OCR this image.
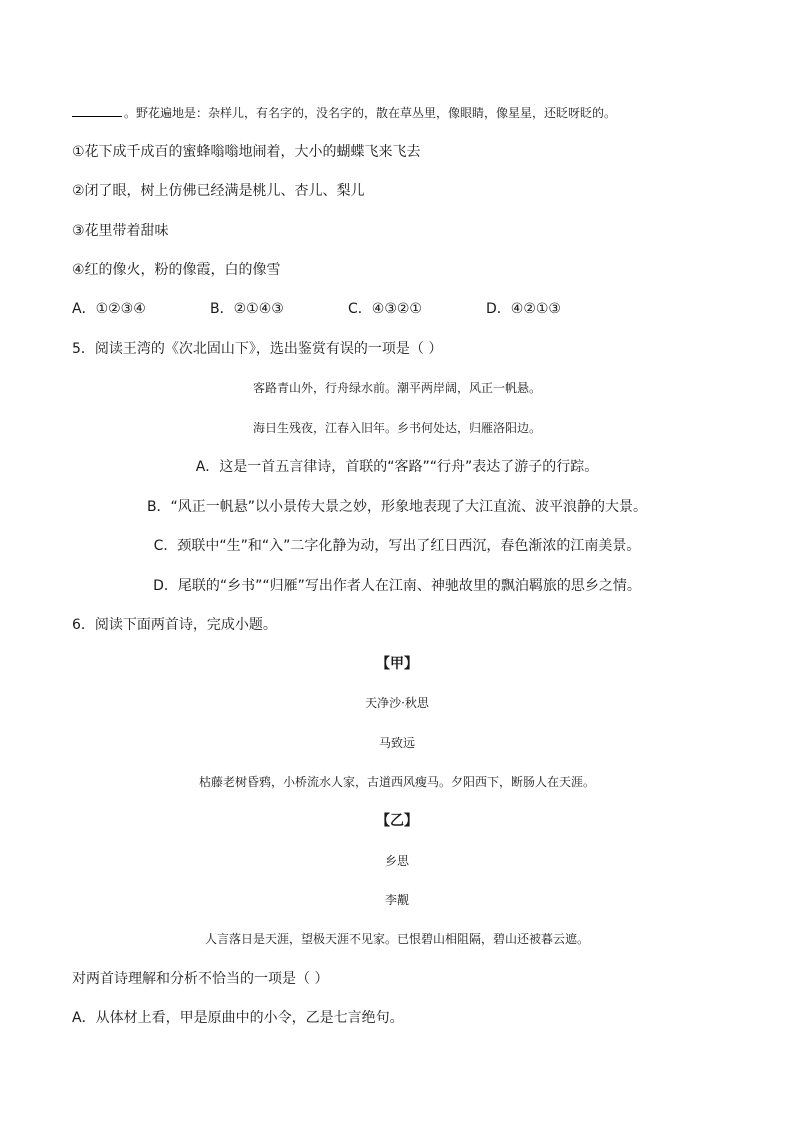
。野花遍地是：杂样儿，有名字的，没名字的，散在草丛里，像眼睛，像星星，还眨呀眨的。
①花下成千成百的蜜蜂嗡嗡地闹着，大小的蝴蝶飞来飞去
②闭了眼，树上仿佛已经满是桃儿、杏儿、梨儿
③花里带着甜味
④红的像火，粉的像霞，白的像雪
A．①②③④	B．②①④③	C．④③②①	D．④②①③
5．阅读王湾的《次北固山下》，选出鉴赏有误的一项是（ ）
客路青山外，行舟绿水前。潮平两岸阔，风正一帆悬。
海日生残夜，江春入旧年。乡书何处达，归雁洛阳边。
A．这是一首五言律诗，首联的“客路”“行舟”表达了游子的行踪。
B．“风正一帆悬”以小景传大景之妙，形象地表现了大江直流、波平浪静的大景。
C．颈联中“生”和“入”二字化静为动，写出了红日西沉，春色渐浓的江南美景。
D．尾联的“乡书”“归雁”写出作者人在江南、神驰故里的飘泊羁旅的思乡之情。
6．阅读下面两首诗，完成小题。
【甲】
天净沙·秋思
马致远
枯藤老树昏鸦，小桥流水人家，古道西风瘦马。夕阳西下，断肠人在天涯。
【乙】
乡思
李觏
人言落日是天涯，望极天涯不见家。已恨碧山相阻隔，碧山还被暮云遮。
对两首诗理解和分析不恰当的一项是（ ）
A．从体材上看，甲是原曲中的小令，乙是七言绝句。
